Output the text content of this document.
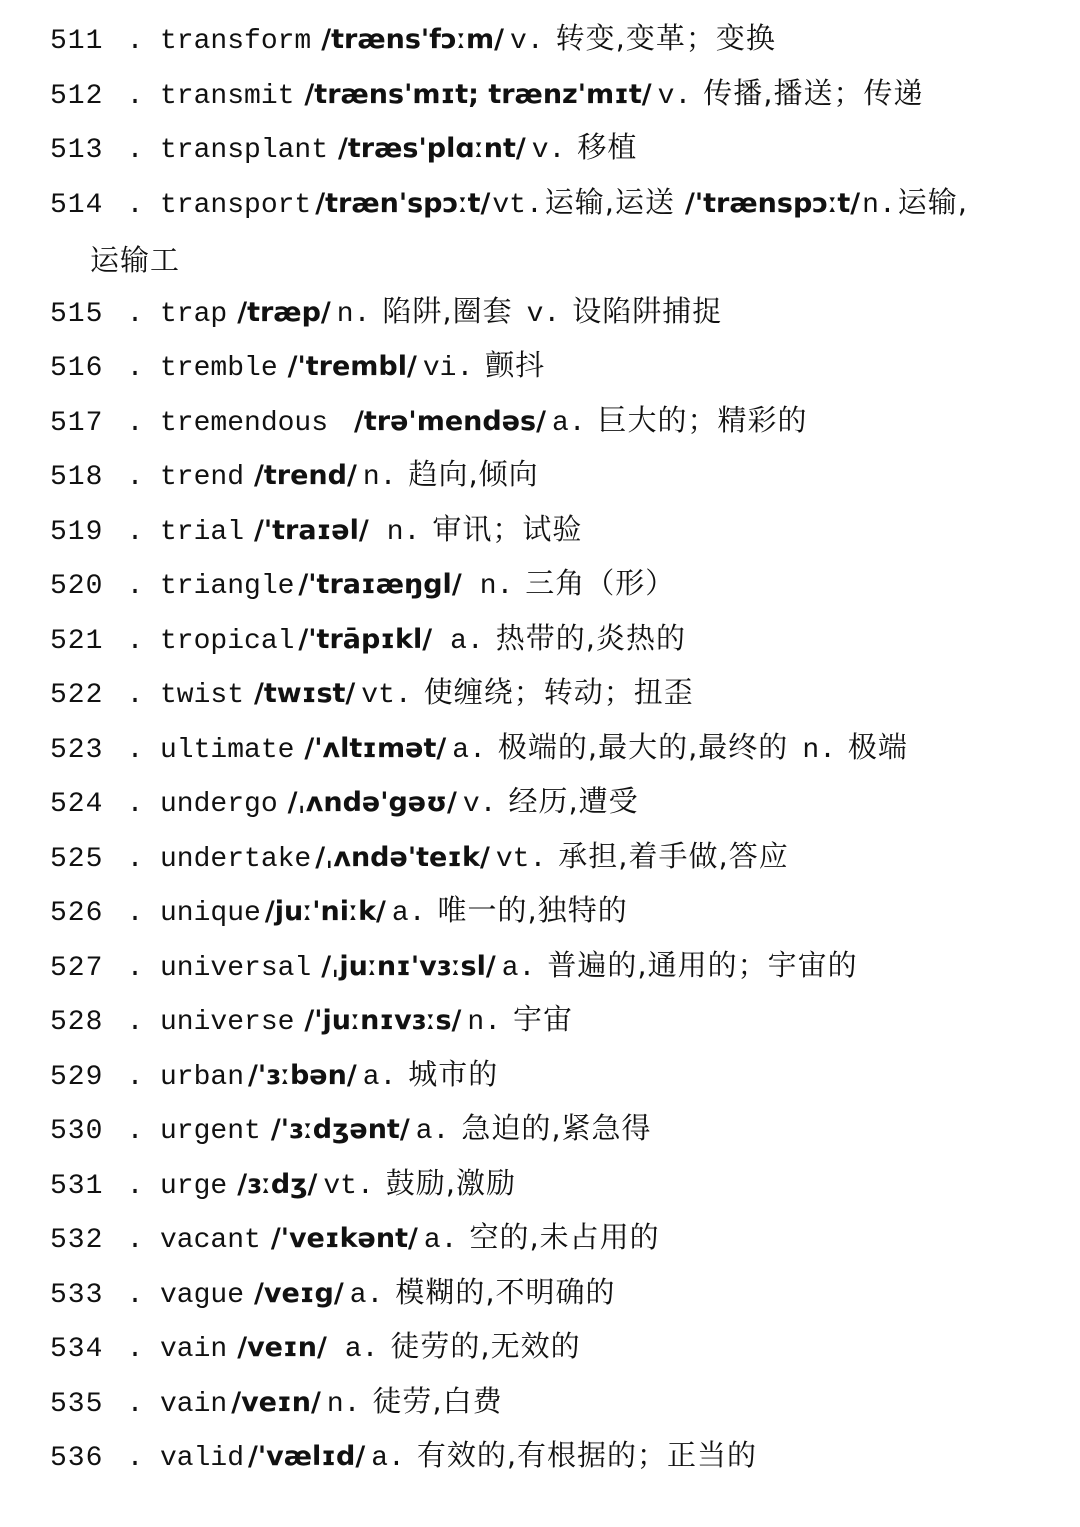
511 . transform /træns'fɔːm/ v. 转变,变革；变换
512 . transmit /træns'mɪt; trænz'mɪt/ v. 传播,播送；传递
513 . transplant /træs'plɑːnt/ v. 移植
514 . transport /træn'spɔːt/vt.运输,运送 /'trænspɔːt/n.运输,
运输工
515 . trap /træp/ n. 陷阱,圈套 v. 设陷阱捕捉
516 . tremble /'trembl/ vi. 颤抖
517 . tremendous /trə'mendəs/ a. 巨大的；精彩的
518 . trend /trend/ n. 趋向,倾向
519 . trial /'traɪəl/ n. 审讯；试验
520 . triangle /'traɪæŋgl/ n. 三角（形）
521 . tropical /'trāpɪkl/ a. 热带的,炎热的
522 . twist /twɪst/ vt. 使缠绕；转动；扭歪
523 . ultimate /'ʌltɪmət/ a. 极端的,最大的,最终的 n. 极端
524 . undergo /ˌʌndə'gəʊ/ v. 经历,遭受
525 . undertake /ˌʌndə'teɪk/ vt. 承担,着手做,答应
526 . unique /juː'niːk/ a. 唯一的,独特的
527 . universal /ˌjuːnɪ'vɜːsl/ a. 普遍的,通用的；宇宙的
528 . universe /'juːnɪvɜːs/ n. 宇宙
529 . urban /'ɜːbən/ a. 城市的
530 . urgent /'ɜːdʒənt/ a. 急迫的,紧急得
531 . urge /ɜːdʒ/ vt. 鼓励,激励
532 . vacant /'veɪkənt/ a. 空的,未占用的
533 . vague /veɪg/ a. 模糊的,不明确的
534 . vain /veɪn/ a. 徒劳的,无效的
535 . vain /veɪn/ n. 徒劳,白费
536 . valid /'vælɪd/ a. 有效的,有根据的；正当的
